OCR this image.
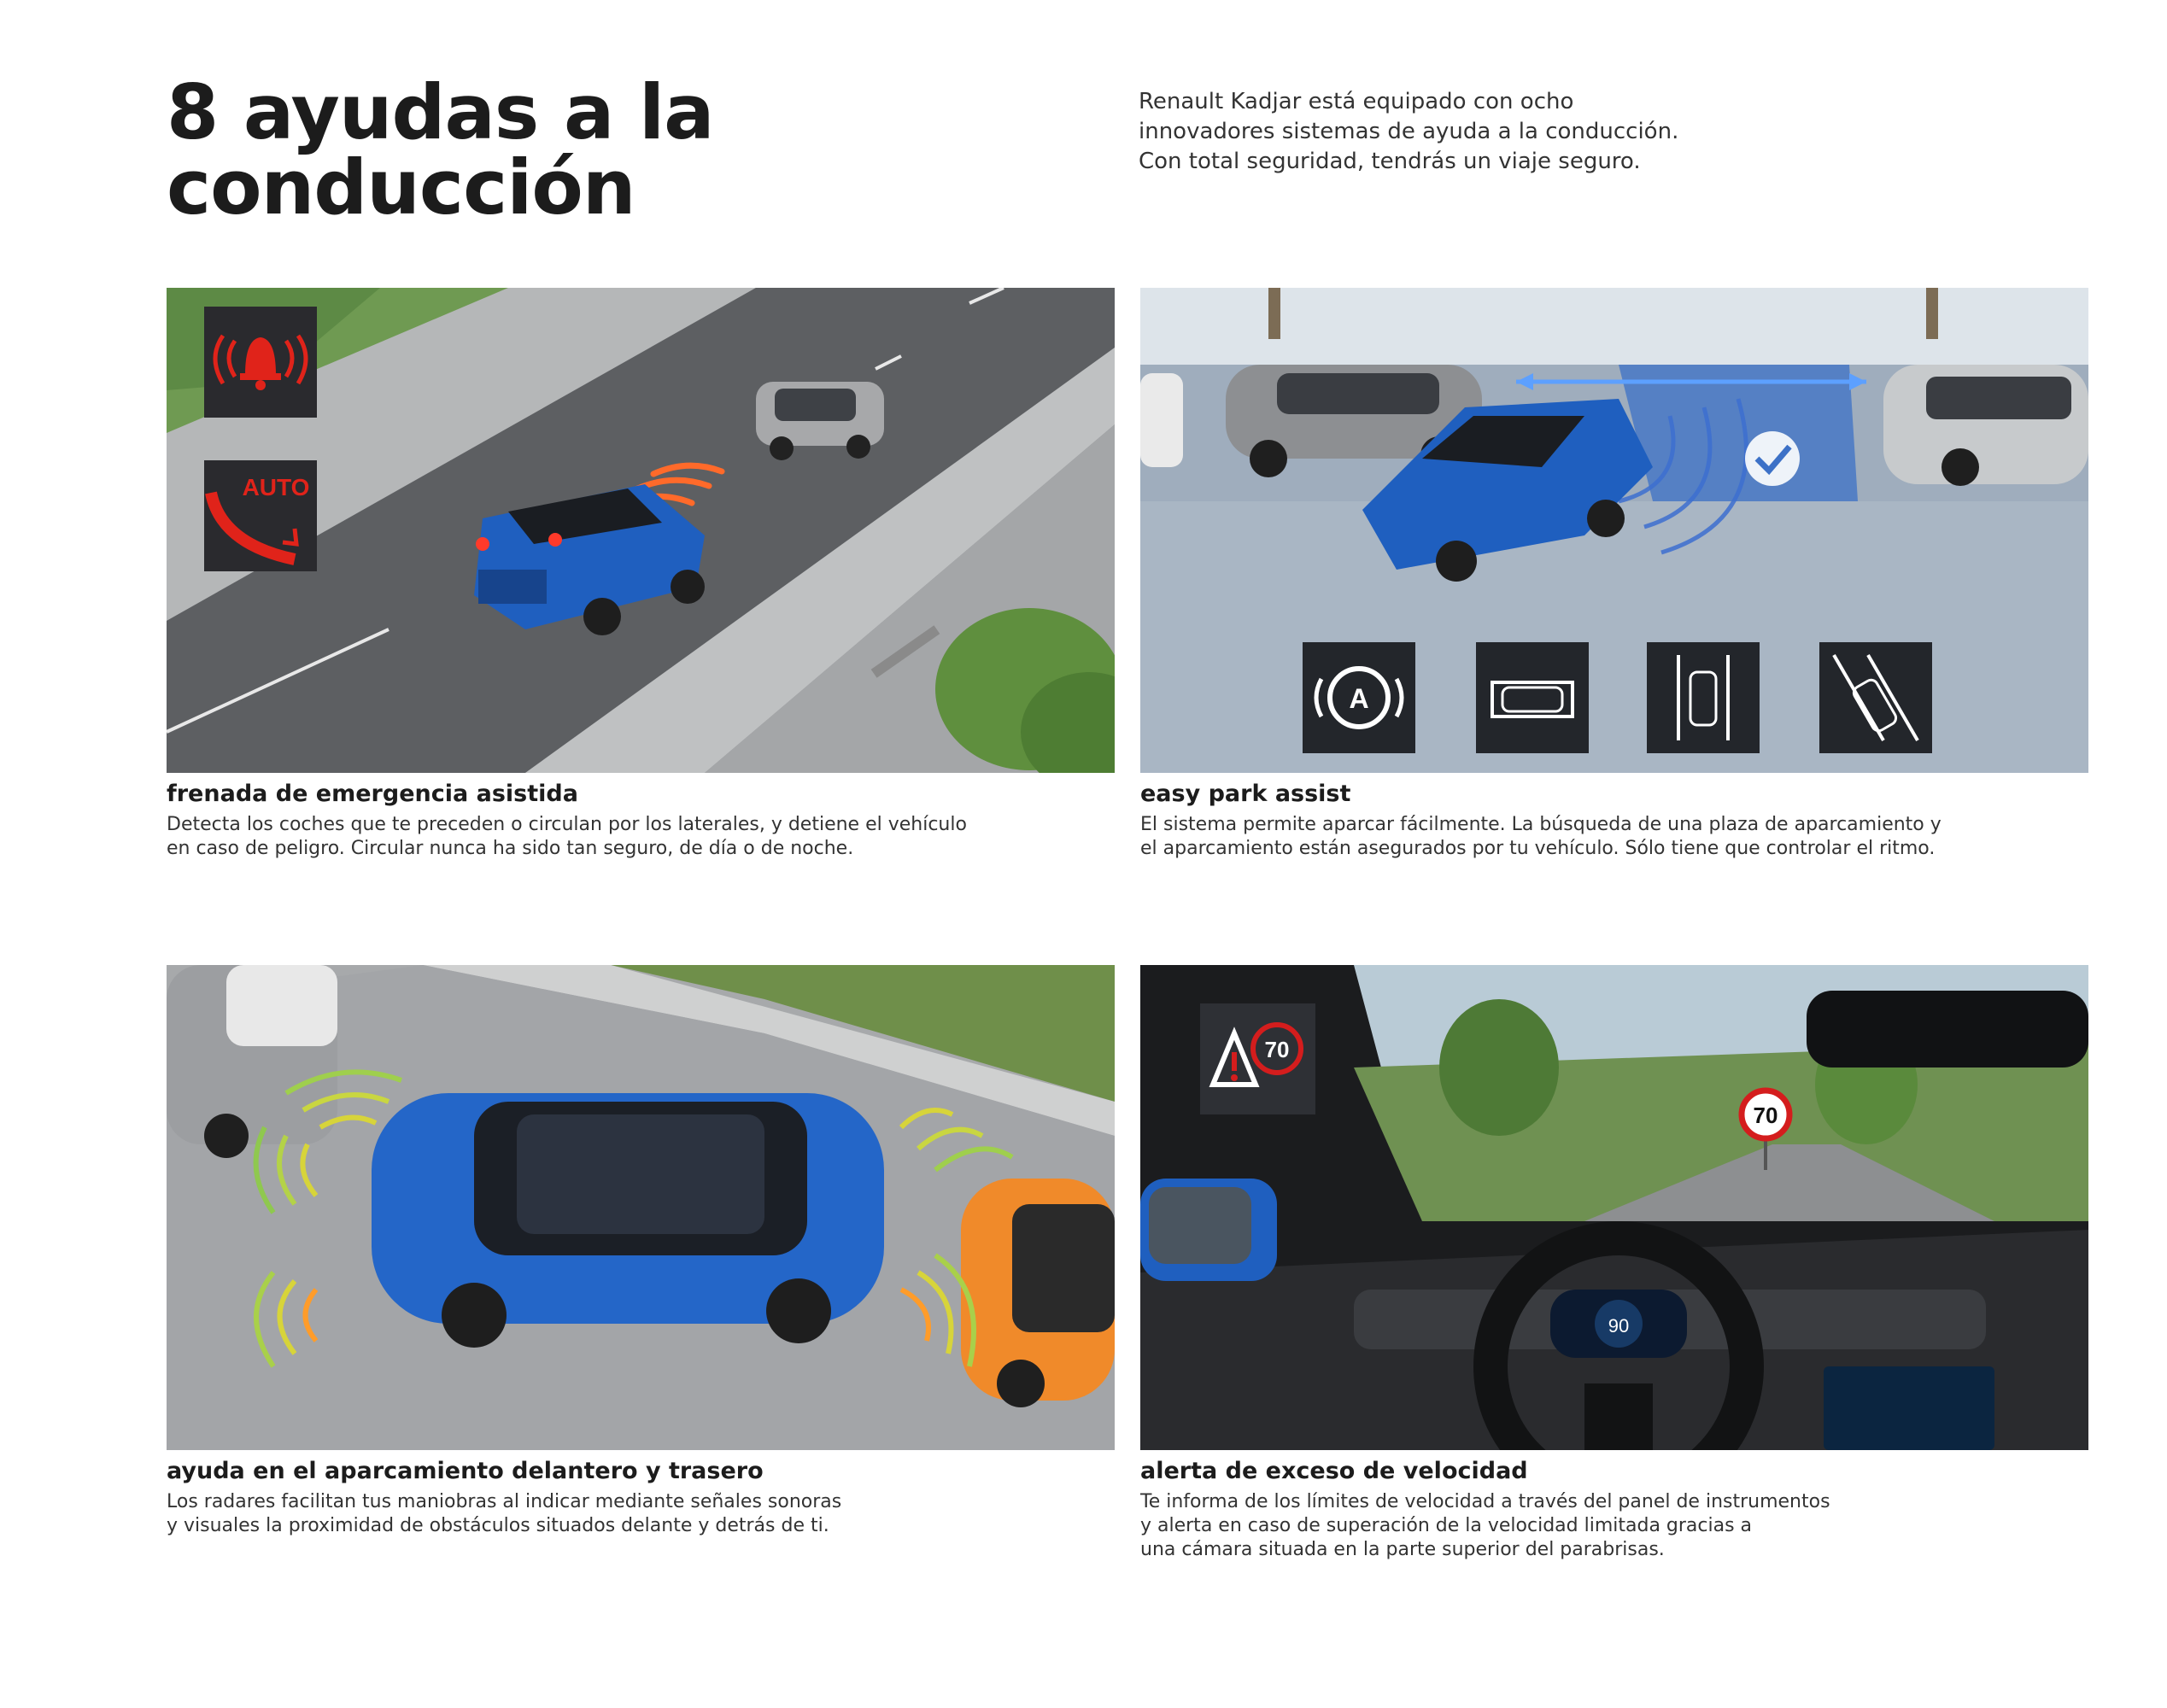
8 ayudas a la
conducción
Renault Kadjar está equipado con ocho
innovadores sistemas de ayuda a la conducción.
Con total seguridad, tendrás un viaje seguro.
AUTO
A
frenada de emergencia asistida
Detecta los coches que te preceden o circulan por los laterales, y detiene el vehículo
en caso de peligro. Circular nunca ha sido tan seguro, de día o de noche.
easy park assist
El sistema permite aparcar fácilmente. La búsqueda de una plaza de aparcamiento y
el aparcamiento están asegurados por tu vehículo. Sólo tiene que controlar el ritmo.
90
70
70
ayuda en el aparcamiento delantero y trasero
Los radares facilitan tus maniobras al indicar mediante señales sonoras
y visuales la proximidad de obstáculos situados delante y detrás de ti.
alerta de exceso de velocidad
Te informa de los límites de velocidad a través del panel de instrumentos
y alerta en caso de superación de la velocidad limitada gracias a
una cámara situada en la parte superior del parabrisas.
